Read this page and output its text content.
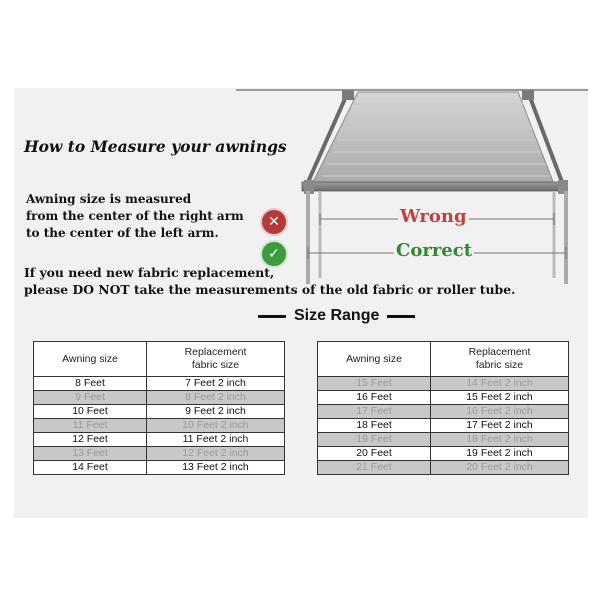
How to Measure your awnings
Awning size is measured
from the center of the right arm
to the center of the left arm.
✕
✓
Wrong
Correct
If you need new fabric replacement,
please DO NOT take the measurements of the old fabric or roller tube.
Size Range
Awning size	Replacement
fabric size
8 Feet	7 Feet 2 inch
9 Feet	8 Feet 2 inch
10 Feet	9 Feet 2 inch
11 Feet	10 Feet 2 inch
12 Feet	11 Feet 2 inch
13 Feet	12 Feet 2 inch
14 Feet	13 Feet 2 inch
Awning size	Replacement
fabric size
15 Feet	14 Feet 2 inch
16 Feet	15 Feet 2 inch
17 Feet	16 Feet 2 inch
18 Feet	17 Feet 2 inch
19 Feet	18 Feet 2 inch
20 Feet	19 Feet 2 inch
21 Feet	20 Feet 2 inch
